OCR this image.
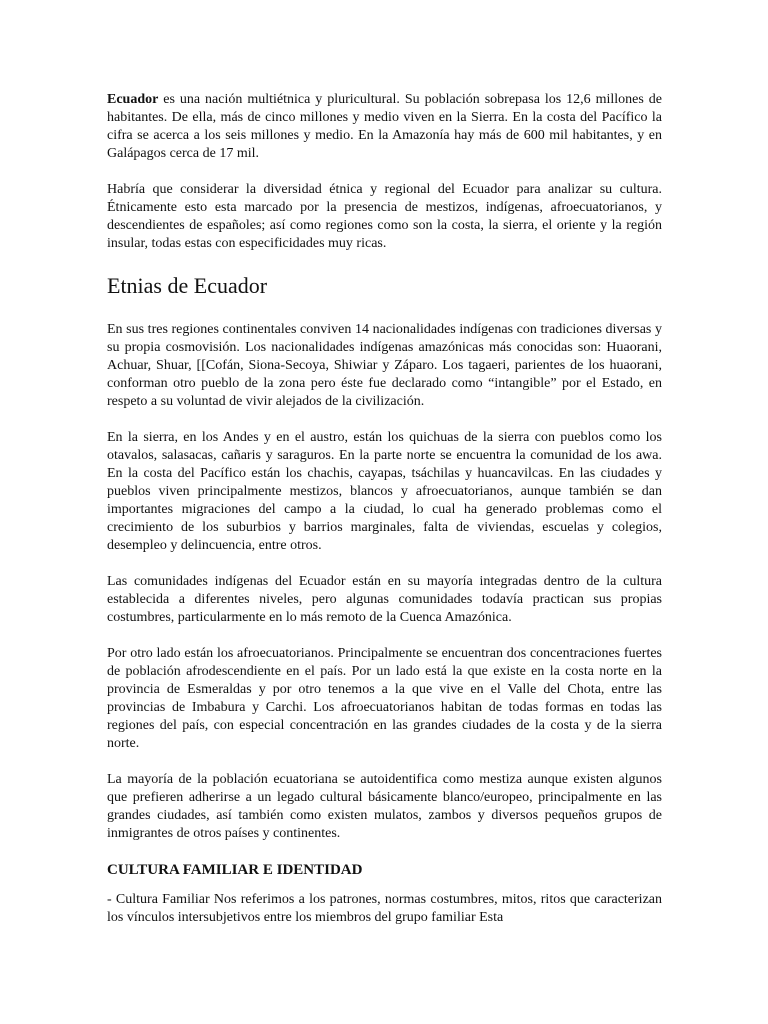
Ecuador es una nación multiétnica y pluricultural. Su población sobrepasa los 12,6 millones de habitantes. De ella, más de cinco millones y medio viven en la Sierra. En la costa del Pacífico la cifra se acerca a los seis millones y medio. En la Amazonía hay más de 600 mil habitantes, y en Galápagos cerca de 17 mil.

Habría que considerar la diversidad étnica y regional del Ecuador para analizar su cultura. Étnicamente esto esta marcado por la presencia de mestizos, indígenas, afroecuatorianos, y descendientes de españoles; así como regiones como son la costa, la sierra, el oriente y la región insular, todas estas con especificidades muy ricas.

Etnias de Ecuador

En sus tres regiones continentales conviven 14 nacionalidades indígenas con tradiciones diversas y su propia cosmovisión. Los nacionalidades indígenas amazónicas más conocidas son: Huaorani, Achuar, Shuar, [[Cofán, Siona-Secoya, Shiwiar y Záparo. Los tagaeri, parientes de los huaorani, conforman otro pueblo de la zona pero éste fue declarado como “intangible” por el Estado, en respeto a su voluntad de vivir alejados de la civilización.

En la sierra, en los Andes y en el austro, están los quichuas de la sierra con pueblos como los otavalos, salasacas, cañaris y saraguros. En la parte norte se encuentra la comunidad de los awa. En la costa del Pacífico están los chachis, cayapas, tsáchilas y huancavilcas. En las ciudades y pueblos viven principalmente mestizos, blancos y afroecuatorianos, aunque también se dan importantes migraciones del campo a la ciudad, lo cual ha generado problemas como el crecimiento de los suburbios y barrios marginales, falta de viviendas, escuelas y colegios, desempleo y delincuencia, entre otros.

Las comunidades indígenas del Ecuador están en su mayoría integradas dentro de la cultura establecida a diferentes niveles, pero algunas comunidades todavía practican sus propias costumbres, particularmente en lo más remoto de la Cuenca Amazónica.

Por otro lado están los afroecuatorianos. Principalmente se encuentran dos concentraciones fuertes de población afrodescendiente en el país. Por un lado está la que existe en la costa norte en la provincia de Esmeraldas y por otro tenemos a la que vive en el Valle del Chota, entre las provincias de Imbabura y Carchi. Los afroecuatorianos habitan de todas formas en todas las regiones del país, con especial concentración en las grandes ciudades de la costa y de la sierra norte.

La mayoría de la población ecuatoriana se autoidentifica como mestiza aunque existen algunos que prefieren adherirse a un legado cultural básicamente blanco/europeo, principalmente en las grandes ciudades, así también como existen mulatos, zambos y diversos pequeños grupos de inmigrantes de otros países y continentes.

CULTURA FAMILIAR E IDENTIDAD

- Cultura Familiar Nos referimos a los patrones, normas costumbres, mitos, ritos que caracterizan los vínculos intersubjetivos entre los miembros del grupo familiar Esta
